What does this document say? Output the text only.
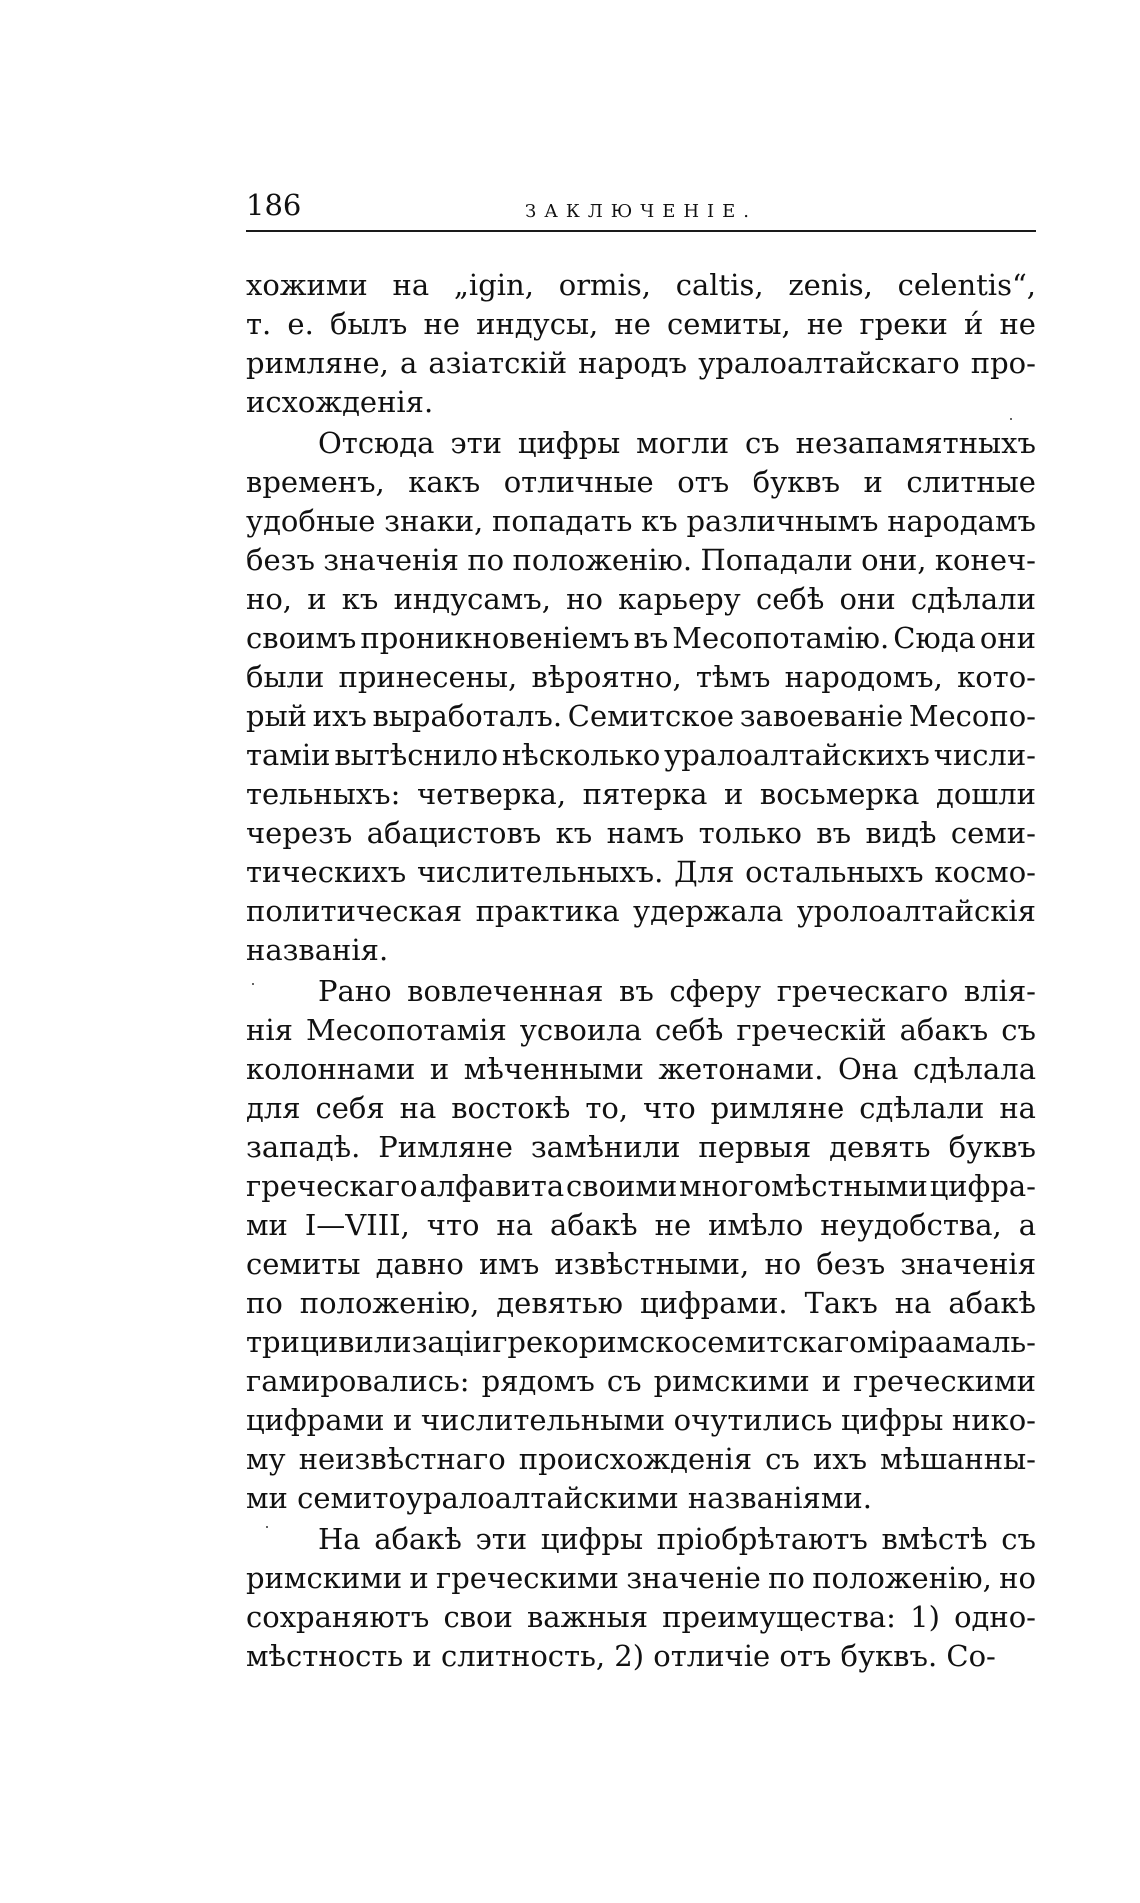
186	ЗАКЛЮЧЕНІЕ.
хожими на „igin, ormis, caltis, zenis, celentis“,
т. е. былъ не индусы, не семиты, не греки и́ не
римляне, а азіатскій народъ уралоалтайскаго про-
исхожденія.
Отсюда эти цифры могли съ незапамятныхъ
временъ, какъ отличные отъ буквъ и слитные
удобные знаки, попадать къ различнымъ народамъ
безъ значенія по положенію. Попадали они, конеч-
но, и къ индусамъ, но карьеру себѣ они сдѣлали
своимъ проникновеніемъ въ Месопотамію. Сюда они
были принесены, вѣроятно, тѣмъ народомъ, кото-
рый ихъ выработалъ. Семитское завоеваніе Месопо-
таміи вытѣснило нѣсколько уралоалтайскихъ числи-
тельныхъ: четверка, пятерка и восьмерка дошли
черезъ абацистовъ къ намъ только въ видѣ семи-
тическихъ числительныхъ. Для остальныхъ космо-
политическая практика удержала уролоалтайскія
названія.
Рано вовлеченная въ сферу греческаго влія-
нія Месопотамія усвоила себѣ греческій абакъ съ
колоннами и мѣченными жетонами. Она сдѣлала
для себя на востокѣ то, что римляне сдѣлали на
западѣ. Римляне замѣнили первыя девять буквъ
греческаго алфавита своими многомѣстными цифра-
ми I—VIII, что на абакѣ не имѣло неудобства, а
семиты давно имъ извѣстными, но безъ значенія
по положенію, девятью цифрами. Такъ на абакѣ
три цивилизаціи грекоримскосемитскаго міра амаль-
гамировались: рядомъ съ римскими и греческими
цифрами и числительными очутились цифры нико-
му неизвѣстнаго происхожденія съ ихъ мѣшанны-
ми семитоуралоалтайскими названіями.
На абакѣ эти цифры пріобрѣтаютъ вмѣстѣ съ
римскими и греческими значеніе по положенію, но
сохраняютъ свои важныя преимущества: 1) одно-
мѣстность и слитность, 2) отличіе отъ буквъ. Со-
